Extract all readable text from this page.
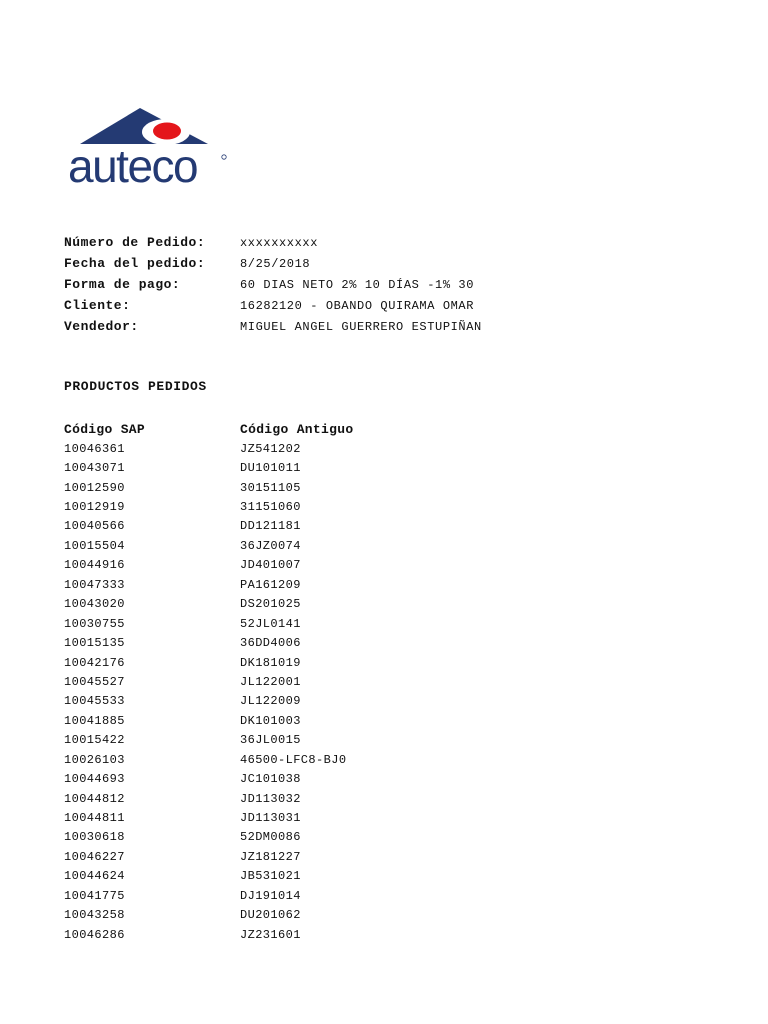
auteco
Número de Pedido:	xxxxxxxxxx
Fecha del pedido:	8/25/2018
Forma de pago:	60 DIAS NETO 2% 10 DÍAS -1% 30
Cliente:	16282120 - OBANDO QUIRAMA OMAR
Vendedor:	MIGUEL ANGEL GUERRERO ESTUPIÑAN
PRODUCTOS PEDIDOS
Código SAP	Código Antiguo
10046361	JZ541202
10043071	DU101011
10012590	30151105
10012919	31151060
10040566	DD121181
10015504	36JZ0074
10044916	JD401007
10047333	PA161209
10043020	DS201025
10030755	52JL0141
10015135	36DD4006
10042176	DK181019
10045527	JL122001
10045533	JL122009
10041885	DK101003
10015422	36JL0015
10026103	46500-LFC8-BJ0
10044693	JC101038
10044812	JD113032
10044811	JD113031
10030618	52DM0086
10046227	JZ181227
10044624	JB531021
10041775	DJ191014
10043258	DU201062
10046286	JZ231601
